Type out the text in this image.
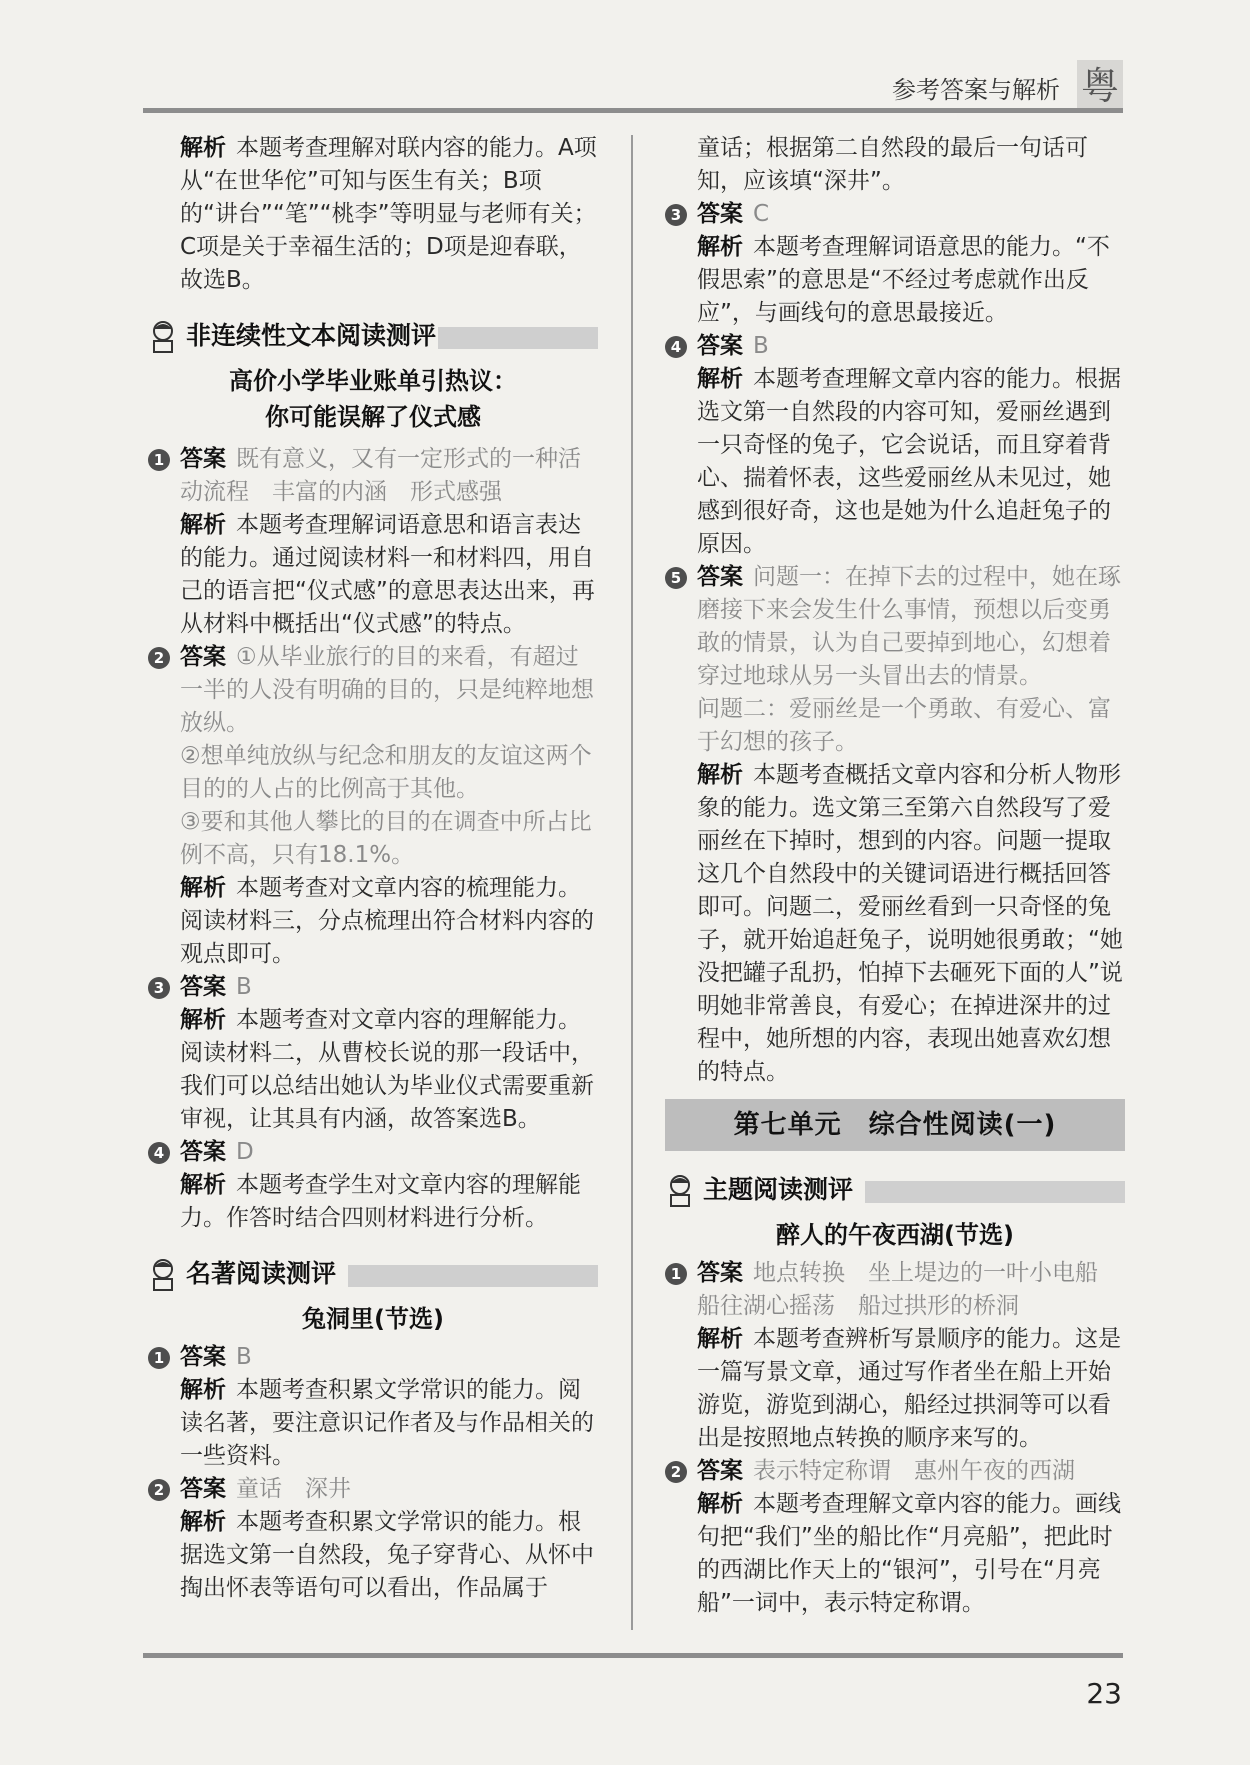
参考答案与解析 粤
解析 本题考查理解对联内容的能力。A项从“在世华佗”可知与医生有关；B项的“讲台”“笔”“桃李”等明显与老师有关；C项是关于幸福生活的；D项是迎春联，故选B。
非连续性文本阅读测评
高价小学毕业账单引热议：
你可能误解了仪式感
1 答案 既有意义，又有一定形式的一种活动流程　丰富的内涵　形式感强
解析 本题考查理解词语意思和语言表达的能力。通过阅读材料一和材料四，用自己的语言把“仪式感”的意思表达出来，再从材料中概括出“仪式感”的特点。
2 答案 ①从毕业旅行的目的来看，有超过一半的人没有明确的目的，只是纯粹地想放纵。
②想单纯放纵与纪念和朋友的友谊这两个目的的人占的比例高于其他。
③要和其他人攀比的目的在调查中所占比例不高，只有18.1%。
解析 本题考查对文章内容的梳理能力。阅读材料三，分点梳理出符合材料内容的观点即可。
3 答案 B
解析 本题考查对文章内容的理解能力。阅读材料二，从曹校长说的那一段话中，我们可以总结出她认为毕业仪式需要重新审视，让其具有内涵，故答案选B。
4 答案 D
解析 本题考查学生对文章内容的理解能力。作答时结合四则材料进行分析。
名著阅读测评
兔洞里(节选)
1 答案 B
解析 本题考查积累文学常识的能力。阅读名著，要注意识记作者及与作品相关的一些资料。
2 答案 童话　深井
解析 本题考查积累文学常识的能力。根据选文第一自然段，兔子穿背心、从怀中掏出怀表等语句可以看出，作品属于
童话；根据第二自然段的最后一句话可知，应该填“深井”。
3 答案 C
解析 本题考查理解词语意思的能力。“不假思索”的意思是“不经过考虑就作出反应”，与画线句的意思最接近。
4 答案 B
解析 本题考查理解文章内容的能力。根据选文第一自然段的内容可知，爱丽丝遇到一只奇怪的兔子，它会说话，而且穿着背心、揣着怀表，这些爱丽丝从未见过，她感到很好奇，这也是她为什么追赶兔子的原因。
5 答案 问题一：在掉下去的过程中，她在琢磨接下来会发生什么事情，预想以后变勇敢的情景，认为自己要掉到地心，幻想着穿过地球从另一头冒出去的情景。
问题二：爱丽丝是一个勇敢、有爱心、富于幻想的孩子。
解析 本题考查概括文章内容和分析人物形象的能力。选文第三至第六自然段写了爱丽丝在下掉时，想到的内容。问题一提取这几个自然段中的关键词语进行概括回答即可。问题二，爱丽丝看到一只奇怪的兔子，就开始追赶兔子，说明她很勇敢；“她没把罐子乱扔，怕掉下去砸死下面的人”说明她非常善良，有爱心；在掉进深井的过程中，她所想的内容，表现出她喜欢幻想的特点。
第七单元　综合性阅读(一)
主题阅读测评
醉人的午夜西湖(节选)
1 答案 地点转换　坐上堤边的一叶小电船　船往湖心摇荡　船过拱形的桥洞
解析 本题考查辨析写景顺序的能力。这是一篇写景文章，通过写作者坐在船上开始游览，游览到湖心，船经过拱洞等可以看出是按照地点转换的顺序来写的。
2 答案 表示特定称谓　惠州午夜的西湖
解析 本题考查理解文章内容的能力。画线句把“我们”坐的船比作“月亮船”，把此时的西湖比作天上的“银河”，引号在“月亮船”一词中，表示特定称谓。
23
